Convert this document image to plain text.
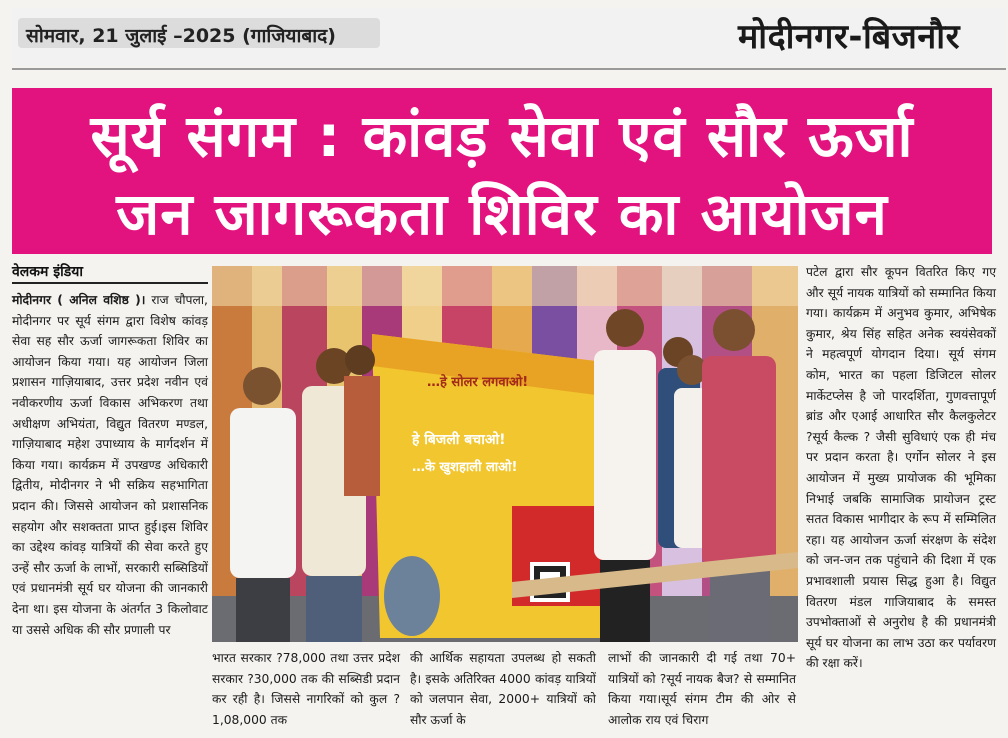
सोमवार, 21 जुलाई –2025 (गाजियाबाद)	मोदीनगर-बिजनौर
सूर्य संगम : कांवड़ सेवा एवं सौर ऊर्जा
जन जागरूकता शिविर का आयोजन
वेलकम इंडिया
मोदीनगर ( अनिल वशिष्ठ )। राज चौपला, मोदीनगर पर सूर्य संगम द्वारा विशेष कांवड़ सेवा सह सौर ऊर्जा जागरूकता शिविर का आयोजन किया गया। यह आयोजन जिला प्रशासन गाज़ियाबाद, उत्तर प्रदेश नवीन एवं नवीकरणीय ऊर्जा विकास अभिकरण तथा अधीक्षण अभियंता, विद्युत वितरण मण्डल, गाज़ियाबाद महेश उपाध्याय के मार्गदर्शन में किया गया। कार्यक्रम में उपखण्ड अधिकारी द्वितीय, मोदीनगर ने भी सक्रिय सहभागिता प्रदान की। जिससे आयोजन को प्रशासनिक सहयोग और सशक्तता प्राप्त हुई।इस शिविर का उद्देश्य कांवड़ यात्रियों की सेवा करते हुए उन्हें सौर ऊर्जा के लाभों, सरकारी सब्सिडियों एवं प्रधानमंत्री सूर्य घर योजना की जानकारी देना था। इस योजना के अंतर्गत 3 किलोवाट या उससे अधिक की सौर प्रणाली पर
…हे सोलर लगवाओ!
हे बिजली बचाओ!
…के खुशहाली लाओ!
भारत सरकार ?78,000 तथा उत्तर प्रदेश सरकार ?30,000 तक की सब्सिडी प्रदान कर रही है। जिससे नागरिकों को कुल ?1,08,000 तक
की आर्थिक सहायता उपलब्ध हो सकती है। इसके अतिरिक्त 4000 कांवड़ यात्रियों को जलपान सेवा, 2000+ यात्रियों को सौर ऊर्जा के
लाभों की जानकारी दी गई तथा 70+ यात्रियों को ?सूर्य नायक बैज? से सम्मानित किया गया।सूर्य संगम टीम की ओर से आलोक राय एवं चिराग
पटेल द्वारा सौर कूपन वितरित किए गए और सूर्य नायक यात्रियों को सम्मानित किया गया। कार्यक्रम में अनुभव कुमार, अभिषेक कुमार, श्रेय सिंह सहित अनेक स्वयंसेवकों ने महत्वपूर्ण योगदान दिया। सूर्य संगम कोम, भारत का पहला डिजिटल सोलर मार्केटप्लेस है जो पारदर्शिता, गुणवत्तापूर्ण ब्रांड और एआई आधारित सौर कैलकुलेटर ?सूर्य कैल्क ? जैसी सुविधाएं एक ही मंच पर प्रदान करता है। एर्गोन सोलर ने इस आयोजन में मुख्य प्रायोजक की भूमिका निभाई जबकि सामाजिक प्रायोजन ट्रस्ट सतत विकास भागीदार के रूप में सम्मिलित रहा। यह आयोजन ऊर्जा संरक्षण के संदेश को जन-जन तक पहुंचाने की दिशा में एक प्रभावशाली प्रयास सिद्ध हुआ है। विद्युत वितरण मंडल गाजियाबाद के समस्त उपभोक्ताओं से अनुरोध है की प्रधानमंत्री सूर्य घर योजना का लाभ उठा कर पर्यावरण की रक्षा करें।
